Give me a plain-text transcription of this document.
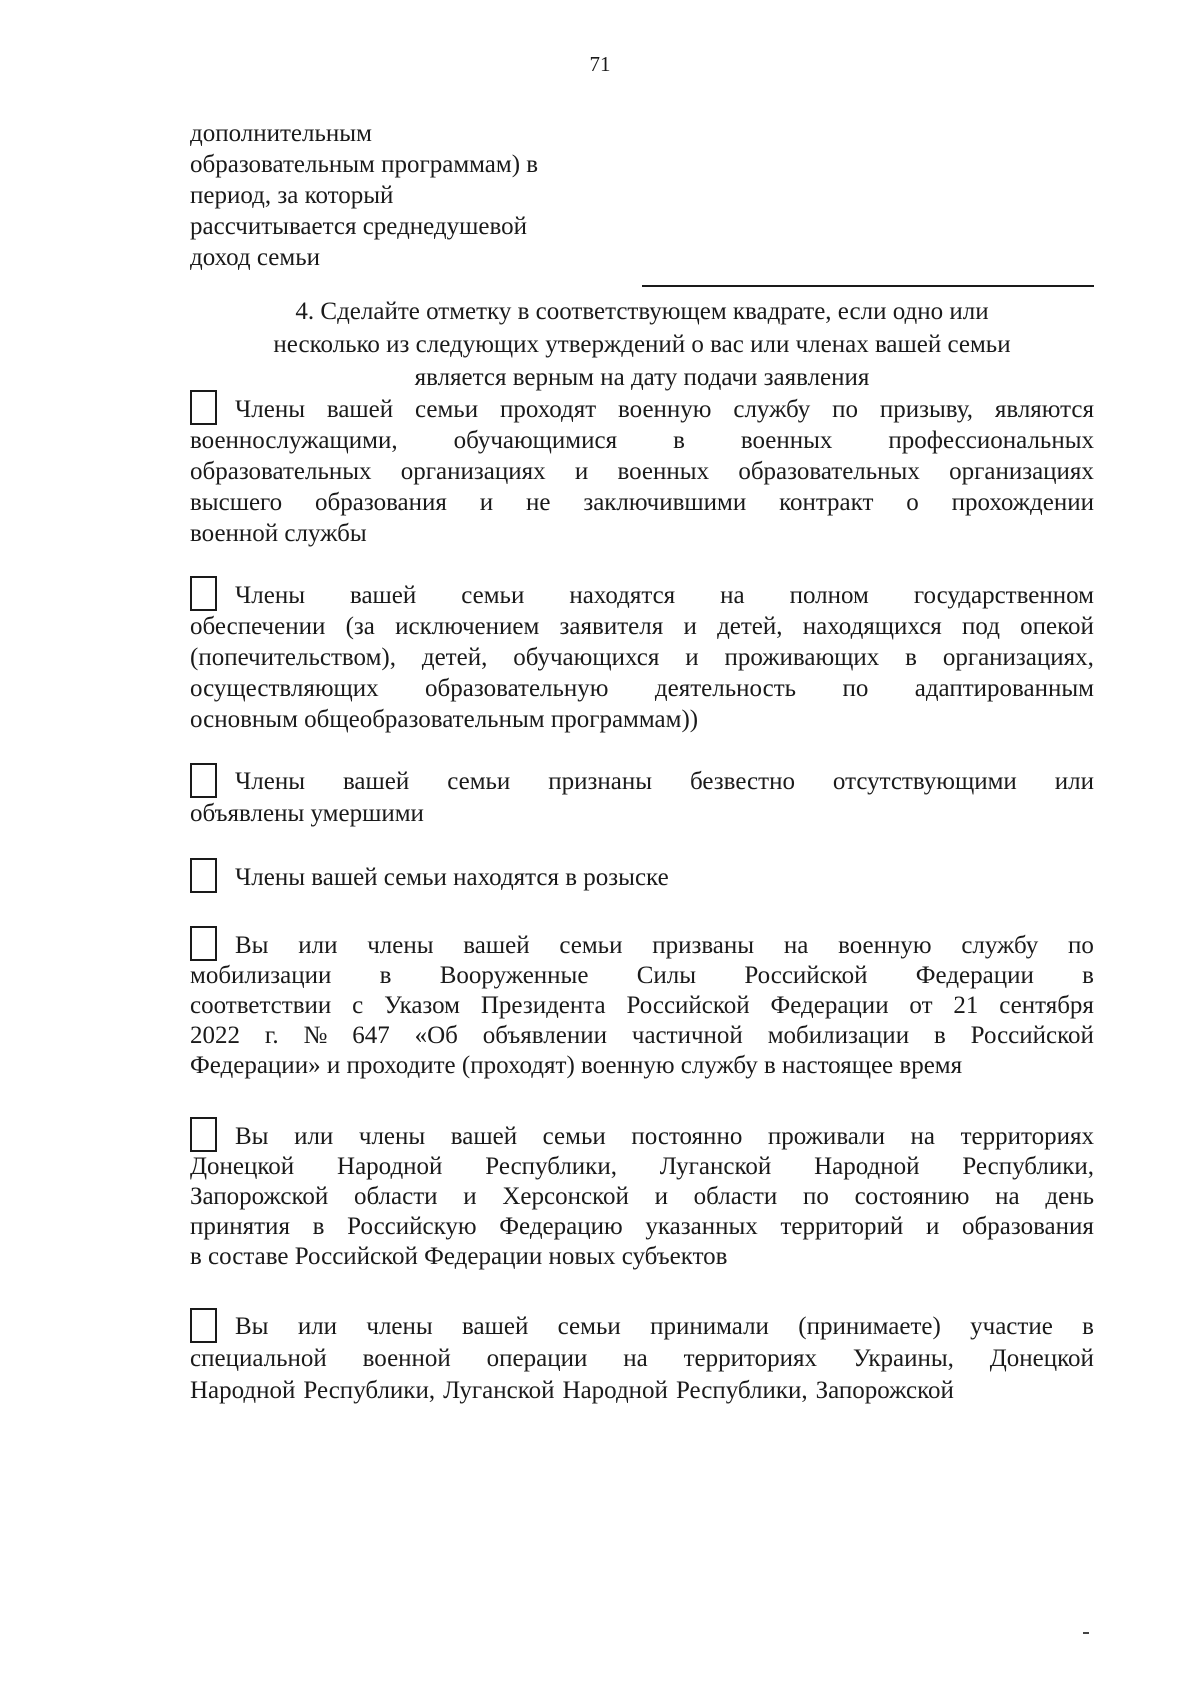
71
дополнительным
образовательным программам) в
период, за который
рассчитывается среднедушевой
доход семьи
4. Сделайте отметку в соответствующем квадрате, если одно или
несколько из следующих утверждений о вас или членах вашей семьи
является верным на дату подачи заявления
Члены вашей семьи проходят военную службу по призыву, являются
военнослужащими, обучающимися в военных профессиональных
образовательных организациях и военных образовательных организациях
высшего образования и не заключившими контракт о прохождении
военной службы
Члены вашей семьи находятся на полном государственном
обеспечении (за исключением заявителя и детей, находящихся под опекой
(попечительством), детей, обучающихся и проживающих в организациях,
осуществляющих образовательную деятельность по адаптированным
основным общеобразовательным программам))
Члены вашей семьи признаны безвестно отсутствующими или
объявлены умершими
Члены вашей семьи находятся в розыске
Вы или члены вашей семьи призваны на военную службу по
мобилизации в Вооруженные Силы Российской Федерации в
соответствии с Указом Президента Российской Федерации от 21 сентября
2022 г. № 647 «Об объявлении частичной мобилизации в Российской
Федерации» и проходите (проходят) военную службу в настоящее время
Вы или члены вашей семьи постоянно проживали на территориях
Донецкой Народной Республики, Луганской Народной Республики,
Запорожской области и Херсонской и области по состоянию на день
принятия в Российскую Федерацию указанных территорий и образования
в составе Российской Федерации новых субъектов
Вы или члены вашей семьи принимали (принимаете) участие в
специальной военной операции на территориях Украины, Донецкой
Народной Республики, Луганской Народной Республики, Запорожской
